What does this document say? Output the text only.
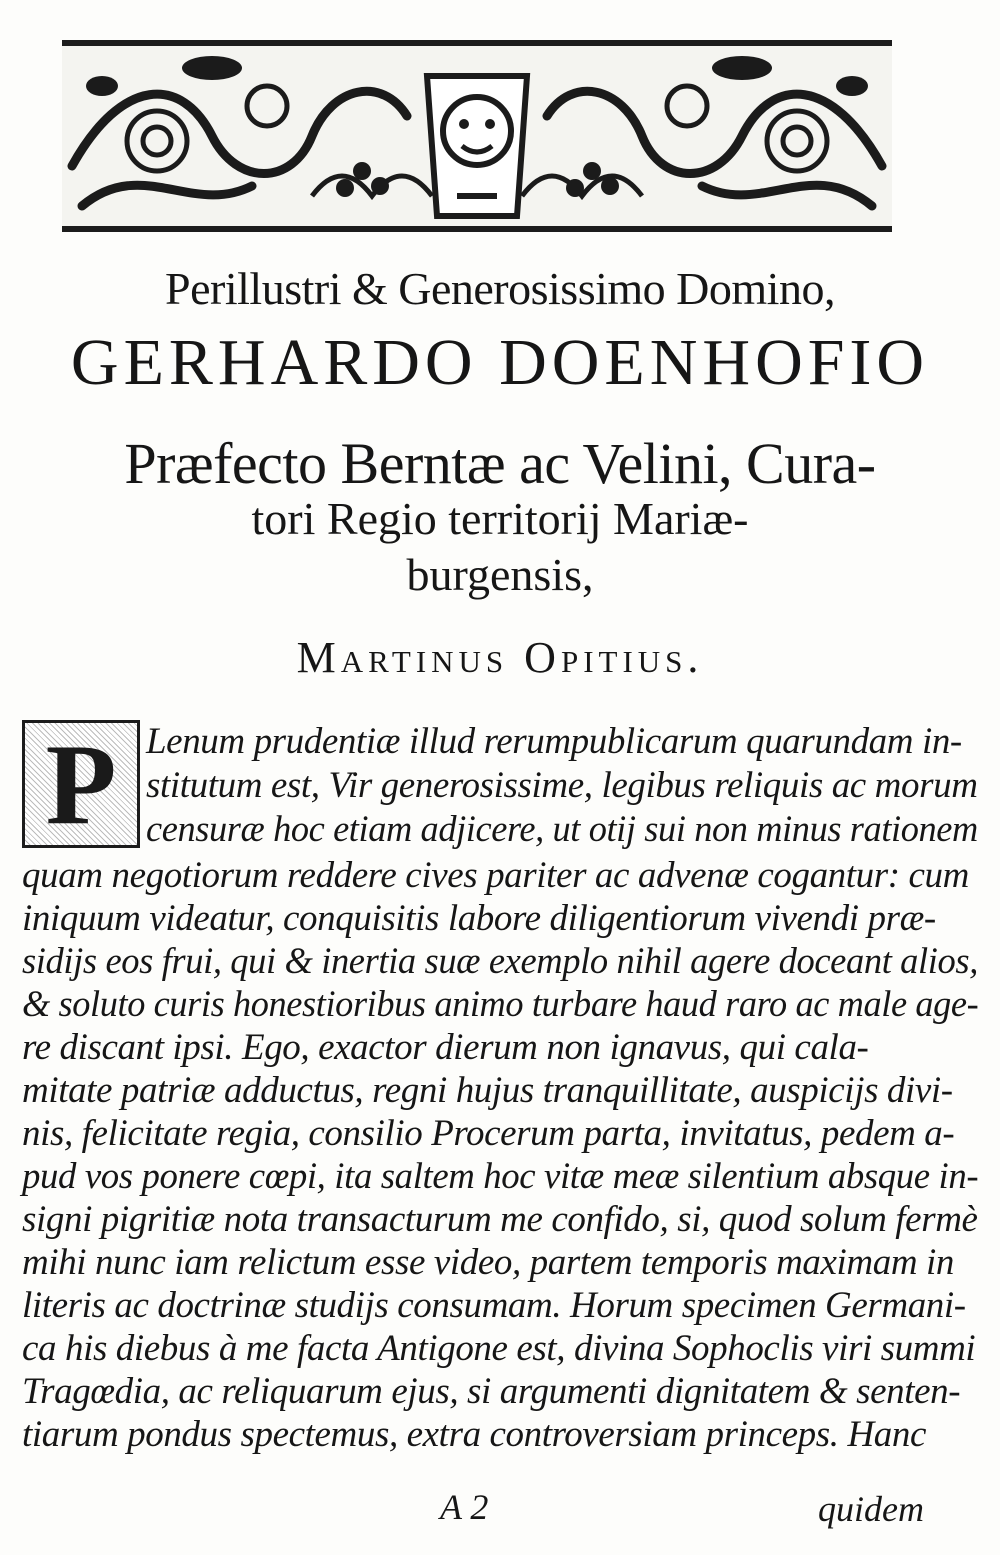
Perillustri & Generosissimo Domino,
GERHARDO DOENHOFIO
Præfecto Berntæ ac Velini, Cura-
tori Regio territorij Mariæ-
burgensis,
Martinus Opitius.
P Lenum prudentiæ illud rerumpublicarum quarundam in-
stitutum est, Vir generosissime, legibus reliquis ac morum
censuræ hoc etiam adjicere, ut otij sui non minus rationem
quam negotiorum reddere cives pariter ac advenæ cogantur: cum
iniquum videatur, conquisitis labore diligentiorum vivendi præ-
sidijs eos frui, qui & inertia suæ exemplo nihil agere doceant alios,
& soluto curis honestioribus animo turbare haud raro ac male age-
re discant ipsi. Ego, exactor dierum non ignavus, qui cala-
mitate patriæ adductus, regni hujus tranquillitate, auspicijs divi-
nis, felicitate regia, consilio Procerum parta, invitatus, pedem a-
pud vos ponere cœpi, ita saltem hoc vitæ meæ silentium absque in-
signi pigritiæ nota transacturum me confido, si, quod solum fermè
mihi nunc iam relictum esse video, partem temporis maximam in
literis ac doctrinæ studijs consumam. Horum specimen Germani-
ca his diebus à me facta Antigone est, divina Sophoclis viri summi
Tragœdia, ac reliquarum ejus, si argumenti dignitatem & senten-
tiarum pondus spectemus, extra controversiam princeps. Hanc
A 2	quidem
